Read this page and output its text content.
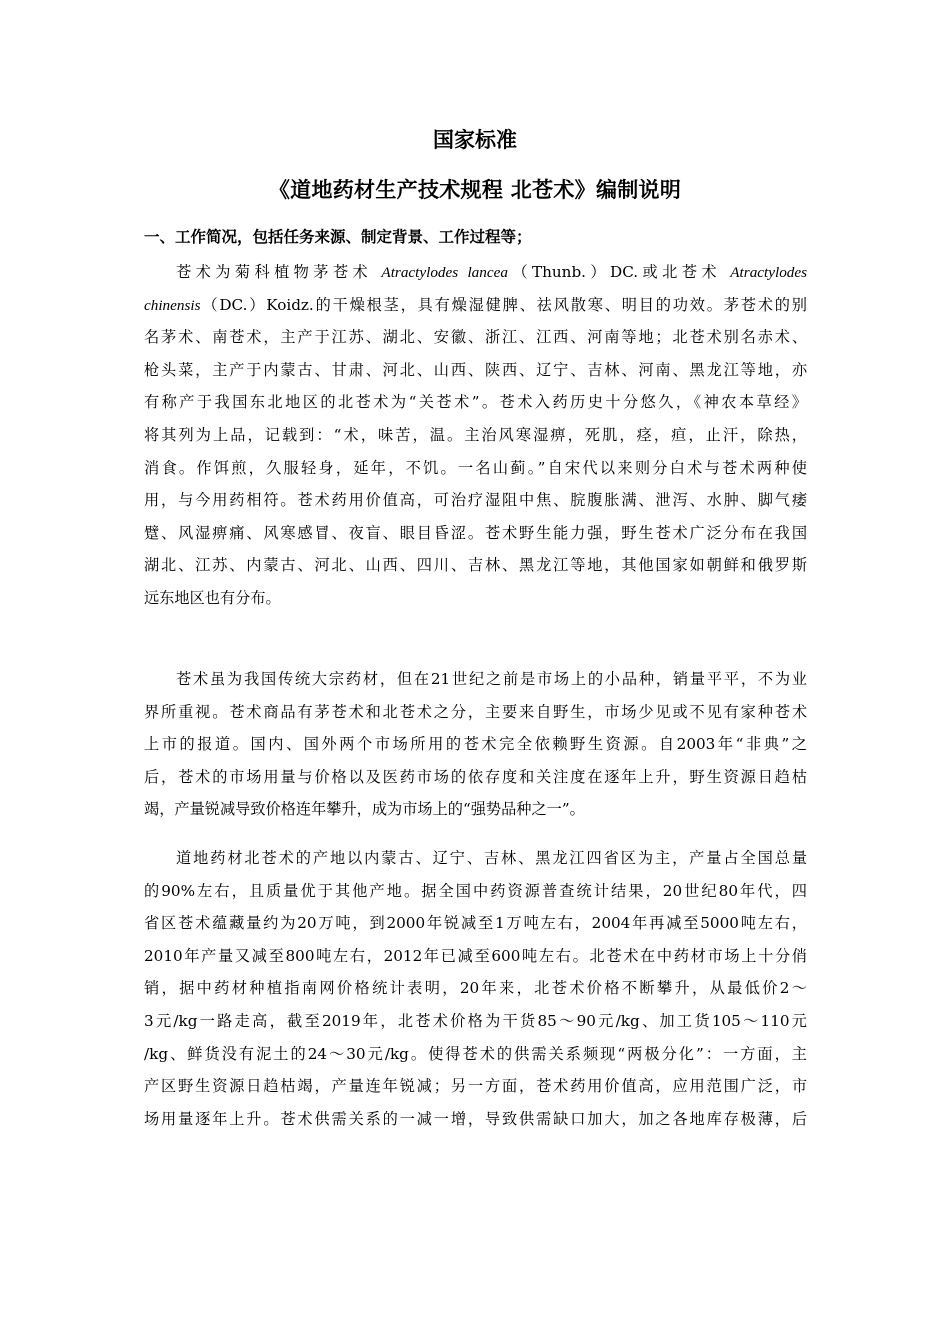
国家标准
《道地药材生产技术规程 北苍术》编制说明
一、工作简况，包括任务来源、制定背景、工作过程等；
苍术为菊科植物茅苍术 Atractylodes lancea（Thunb.）DC.或北苍术 Atractylodes
chinensis（DC.）Koidz.的干燥根茎，具有燥湿健脾、祛风散寒、明目的功效。茅苍术的别
名茅术、南苍术，主产于江苏、湖北、安徽、浙江、江西、河南等地；北苍术别名赤术、
枪头菜，主产于内蒙古、甘肃、河北、山西、陕西、辽宁、吉林、河南、黑龙江等地，亦
有称产于我国东北地区的北苍术为“关苍术”。苍术入药历史十分悠久，《神农本草经》
将其列为上品，记载到：“术，味苦，温。主治风寒湿痹，死肌，痉，疸，止汗，除热，
消食。作饵煎，久服轻身，延年，不饥。一名山蓟。”自宋代以来则分白术与苍术两种使
用，与今用药相符。苍术药用价值高，可治疗湿阻中焦、脘腹胀满、泄泻、水肿、脚气痿
躄、风湿痹痛、风寒感冒、夜盲、眼目昏涩。苍术野生能力强，野生苍术广泛分布在我国
湖北、江苏、内蒙古、河北、山西、四川、吉林、黑龙江等地，其他国家如朝鲜和俄罗斯
远东地区也有分布。
苍术虽为我国传统大宗药材，但在21世纪之前是市场上的小品种，销量平平，不为业
界所重视。苍术商品有茅苍术和北苍术之分，主要来自野生，市场少见或不见有家种苍术
上市的报道。国内、国外两个市场所用的苍术完全依赖野生资源。自2003年“非典”之
后，苍术的市场用量与价格以及医药市场的依存度和关注度在逐年上升，野生资源日趋枯
竭，产量锐减导致价格连年攀升，成为市场上的“强势品种之一”。
道地药材北苍术的产地以内蒙古、辽宁、吉林、黑龙江四省区为主，产量占全国总量
的90%左右，且质量优于其他产地。据全国中药资源普查统计结果，20世纪80年代，四
省区苍术蕴藏量约为20万吨，到2000年锐减至1万吨左右，2004年再减至5000吨左右，
2010年产量又减至800吨左右，2012年已减至600吨左右。北苍术在中药材市场上十分俏
销，据中药材种植指南网价格统计表明，20年来，北苍术价格不断攀升，从最低价2～
3元/kg一路走高，截至2019年，北苍术价格为干货85～90元/kg、加工货105～110元
/kg、鲜货没有泥土的24～30元/kg。使得苍术的供需关系频现“两极分化”：一方面，主
产区野生资源日趋枯竭，产量连年锐减；另一方面，苍术药用价值高，应用范围广泛，市
场用量逐年上升。苍术供需关系的一减一增，导致供需缺口加大，加之各地库存极薄，后
